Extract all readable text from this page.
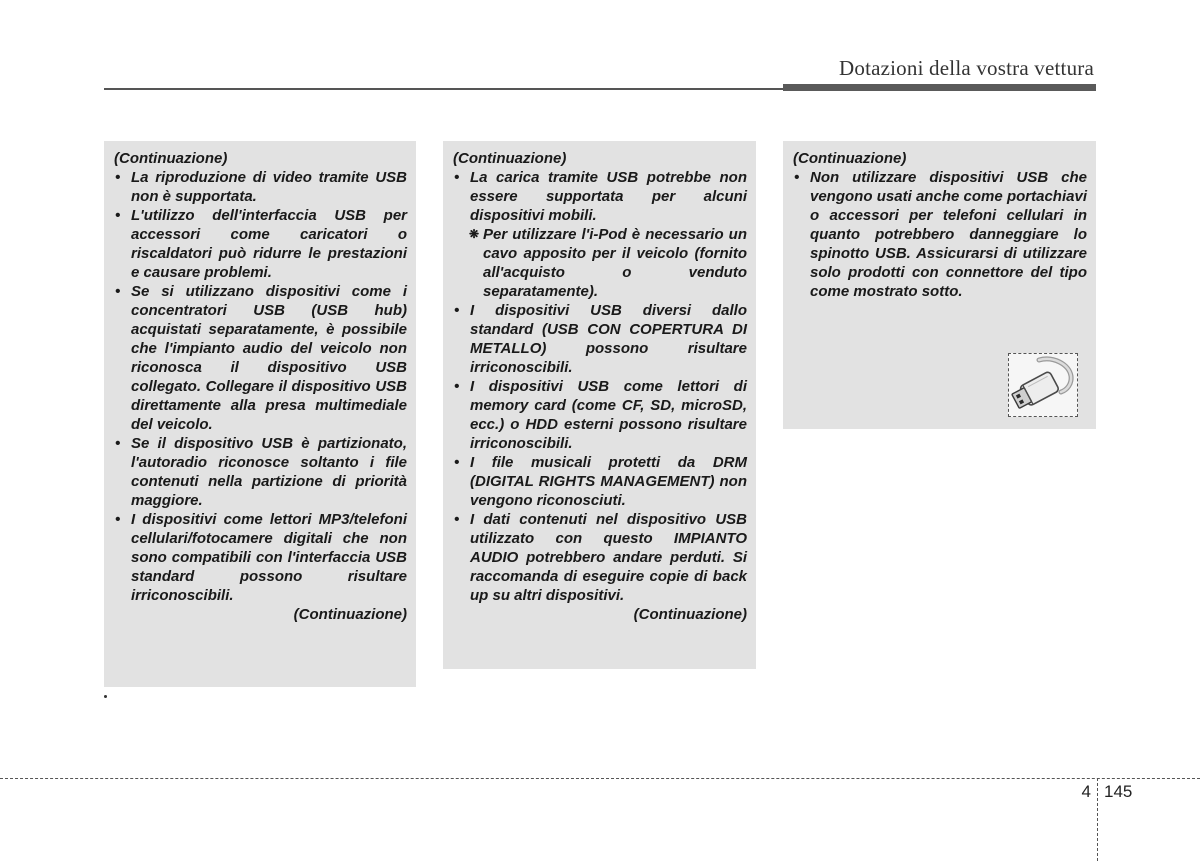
Dotazioni della vostra vettura
(Continuazione)
• La riproduzione di video tramite USB non è supportata.
• L'utilizzo dell'interfaccia USB per accessori come caricatori o riscaldatori può ridurre le prestazioni e causare problemi.
• Se si utilizzano dispositivi come i concentratori USB (USB hub) acquistati separatamente, è possibile che l'impianto audio del veicolo non riconosca il dispositivo USB collegato. Collegare il dispositivo USB direttamente alla presa multimediale del veicolo.
• Se il dispositivo USB è partizionato, l'autoradio riconosce soltanto i file contenuti nella partizione di priorità maggiore.
• I dispositivi come lettori MP3/telefoni cellulari/fotocamere digitali che non sono compatibili con l'interfaccia USB standard possono risultare irriconoscibili.
(Continuazione)
(Continuazione)
• La carica tramite USB potrebbe non essere supportata per alcuni dispositivi mobili.
❋ Per utilizzare l'i-Pod è necessario un cavo apposito per il veicolo (fornito all'acquisto o venduto separatamente).
• I dispositivi USB diversi dallo standard (USB CON COPERTURA DI METALLO) possono risultare irriconoscibili.
• I dispositivi USB come lettori di memory card (come CF, SD, microSD, ecc.) o HDD esterni possono risultare irriconoscibili.
• I file musicali protetti da DRM (DIGITAL RIGHTS MANAGEMENT) non vengono riconosciuti.
• I dati contenuti nel dispositivo USB utilizzato con questo IMPIANTO AUDIO potrebbero andare perduti. Si raccomanda di eseguire copie di back up su altri dispositivi.
(Continuazione)
(Continuazione)
• Non utilizzare dispositivi USB che vengono usati anche come portachiavi o accessori per telefoni cellulari in quanto potrebbero danneggiare lo spinotto USB. Assicurarsi di utilizzare solo prodotti con connettore del tipo come mostrato sotto.
4 145
